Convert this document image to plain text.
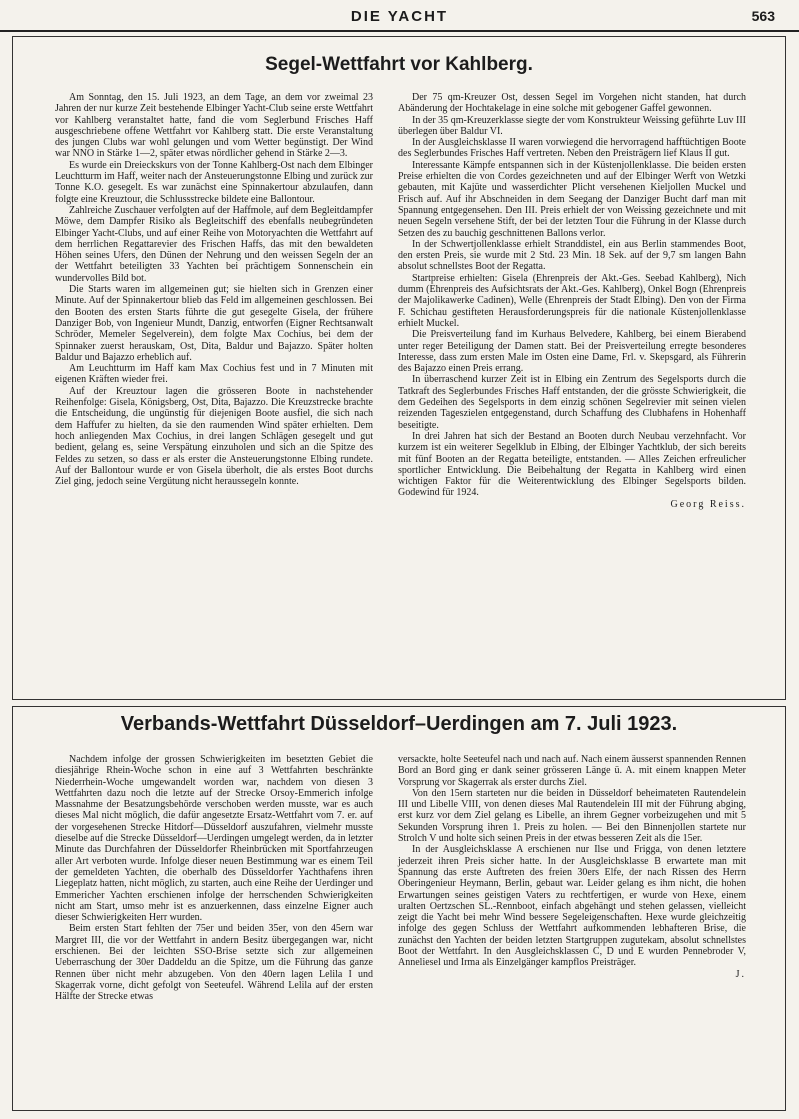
DIE YACHT	563
Segel-Wettfahrt vor Kahlberg.

Am Sonntag, den 15. Juli 1923, an dem Tage, an dem vor zweimal 23 Jahren der nur kurze Zeit bestehende Elbinger Yacht-Club seine erste Wettfahrt vor Kahlberg veranstaltet hatte, fand die vom Seglerbund Frisches Haff ausgeschriebene offene Wettfahrt vor Kahlberg statt. Die erste Veranstaltung des jungen Clubs war wohl gelungen und vom Wetter begünstigt. Der Wind war NNO in Stärke 1—2, später etwas nördlicher gehend in Stärke 2—3.

Es wurde ein Dreieckskurs von der Tonne Kahlberg-Ost nach dem Elbinger Leuchtturm im Haff, weiter nach der Ansteuerungstonne Elbing und zurück zur Tonne K.O. gesegelt. Es war zunächst eine Spinnakertour abzulaufen, dann folgte eine Kreuztour, die Schlussstrecke bildete eine Ballontour.

Zahlreiche Zuschauer verfolgten auf der Haffmole, auf dem Begleitdampfer Möwe, dem Dampfer Risiko als Begleitschiff des ebenfalls neubegründeten Elbinger Yacht-Clubs, und auf einer Reihe von Motoryachten die Wettfahrt auf dem herrlichen Regattarevier des Frischen Haffs, das mit den bewaldeten Höhen seines Ufers, den Dünen der Nehrung und den weissen Segeln der an der Wettfahrt beteiligten 33 Yachten bei prächtigem Sonnenschein ein wundervolles Bild bot.

Die Starts waren im allgemeinen gut; sie hielten sich in Grenzen einer Minute. Auf der Spinnakertour blieb das Feld im allgemeinen geschlossen. Bei den Booten des ersten Starts führte die gut gesegelte Gisela, der frühere Danziger Bob, von Ingenieur Mundt, Danzig, entworfen (Eigner Rechtsanwalt Schröder, Memeler Segelverein), dem folgte Max Cochius, bei dem der Spinnaker zuerst herauskam, Ost, Dita, Baldur und Bajazzo. Später holten Baldur und Bajazzo erheblich auf.

Am Leuchtturm im Haff kam Max Cochius fest und in 7 Minuten mit eigenen Kräften wieder frei.

Auf der Kreuztour lagen die grösseren Boote in nachstehender Reihenfolge: Gisela, Königsberg, Ost, Dita, Bajazzo. Die Kreuzstrecke brachte die Entscheidung, die ungünstig für diejenigen Boote ausfiel, die sich nach dem Haffufer zu hielten, da sie den raumenden Wind später erhielten. Dem hoch anliegenden Max Cochius, in drei langen Schlägen gesegelt und gut bedient, gelang es, seine Verspätung einzuholen und sich an die Spitze des Feldes zu setzen, so dass er als erster die Ansteuerungstonne Elbing rundete. Auf der Ballontour wurde er von Gisela überholt, die als erstes Boot durchs Ziel ging, jedoch seine Vergütung nicht heraussegeln konnte.

Der 75 qm-Kreuzer Ost, dessen Segel im Vorgehen nicht standen, hat durch Abänderung der Hochtakelage in eine solche mit gebogener Gaffel gewonnen.

In der 35 qm-Kreuzerklasse siegte der vom Konstrukteur Weissing geführte Luv III überlegen über Baldur VI.

In der Ausgleichsklasse II waren vorwiegend die hervorragend hafftüchtigen Boote des Seglerbundes Frisches Haff vertreten. Neben den Preisträgern lief Klaus II gut.

Interessante Kämpfe entspannen sich in der Küstenjollenklasse. Die beiden ersten Preise erhielten die von Cordes gezeichneten und auf der Elbinger Werft von Wetzki gebauten, mit Kajüte und wasserdichter Plicht versehenen Kieljollen Muckel und Frisch auf. Auf ihr Abschneiden in dem Seegang der Danziger Bucht darf man mit Spannung entgegensehen. Den III. Preis erhielt der von Weissing gezeichnete und mit neuen Segeln versehene Stift, der bei der letzten Tour die Führung in der Klasse durch Setzen des zu bauchig geschnittenen Ballons verlor.

In der Schwertjollenklasse erhielt Stranddistel, ein aus Berlin stammendes Boot, den ersten Preis, sie wurde mit 2 Std. 23 Min. 18 Sek. auf der 9,7 sm langen Bahn absolut schnellstes Boot der Regatta.

Startpreise erhielten: Gisela (Ehrenpreis der Akt.-Ges. Seebad Kahlberg), Nich dumm (Ehrenpreis des Aufsichtsrats der Akt.-Ges. Kahlberg), Onkel Bogn (Ehrenpreis der Majolikawerke Cadinen), Welle (Ehrenpreis der Stadt Elbing). Den von der Firma F. Schichau gestifteten Herausforderungspreis für die nationale Küstenjollenklasse erhielt Muckel.

Die Preisverteilung fand im Kurhaus Belvedere, Kahlberg, bei einem Bierabend unter reger Beteiligung der Damen statt. Bei der Preisverteilung erregte besonderes Interesse, dass zum ersten Male im Osten eine Dame, Frl. v. Skepsgard, als Führerin des Bajazzo einen Preis errang.

In überraschend kurzer Zeit ist in Elbing ein Zentrum des Segelsports durch die Tatkraft des Seglerbundes Frisches Haff entstanden, der die grösste Schwierigkeit, die dem Gedeihen des Segelsports in dem einzig schönen Segelrevier mit seinen vielen reizenden Tageszielen entgegenstand, durch Schaffung des Clubhafens in Hohenhaff beseitigte.

In drei Jahren hat sich der Bestand an Booten durch Neubau verzehnfacht. Vor kurzem ist ein weiterer Segelklub in Elbing, der Elbinger Yachtklub, der sich bereits mit fünf Booten an der Regatta beteiligte, entstanden. — Alles Zeichen erfreulicher sportlicher Entwicklung. Die Beibehaltung der Regatta in Kahlberg wird einen wichtigen Faktor für die Weiterentwicklung des Elbinger Segelsports bilden. Godewind für 1924.

Georg Reiss.
Verbands-Wettfahrt Düsseldorf–Uerdingen am 7. Juli 1923.

Nachdem infolge der grossen Schwierigkeiten im besetzten Gebiet die diesjährige Rhein-Woche schon in eine auf 3 Wettfahrten beschränkte Niederrhein-Woche umgewandelt worden war, nachdem von diesen 3 Wettfahrten dazu noch die letzte auf der Strecke Orsoy-Emmerich infolge Massnahme der Besatzungsbehörde verschoben werden musste, war es auch dieses Mal nicht möglich, die dafür angesetzte Ersatz-Wettfahrt vom 7. er. auf der vorgesehenen Strecke Hitdorf—Düsseldorf auszufahren, vielmehr musste dieselbe auf die Strecke Düsseldorf—Uerdingen umgelegt werden, da in letzter Minute das Durchfahren der Düsseldorfer Rheinbrücken mit Sportfahrzeugen aller Art verboten wurde. Infolge dieser neuen Bestimmung war es einem Teil der gemeldeten Yachten, die oberhalb des Düsseldorfer Yachthafens ihren Liegeplatz hatten, nicht möglich, zu starten, auch eine Reihe der Uerdinger und Emmericher Yachten erschienen infolge der herrschenden Schwierigkeiten nicht am Start, umso mehr ist es anzuerkennen, dass einzelne Eigner auch dieser Schwierigkeiten Herr wurden.

Beim ersten Start fehlten der 75er und beiden 35er, von den 45ern war Margret III, die vor der Wettfahrt in andern Besitz übergegangen war, nicht erschienen. Bei der leichten SSO-Brise setzte sich zur allgemeinen Ueberraschung der 30er Daddeldu an die Spitze, um die Führung das ganze Rennen über nicht mehr abzugeben. Von den 40ern lagen Lelila I und Skagerrak vorne, dicht gefolgt von Seeteufel. Während Lelila auf der ersten Hälfte der Strecke etwas

versackte, holte Seeteufel nach und nach auf. Nach einem äusserst spannenden Rennen Bord an Bord ging er dank seiner grösseren Länge ü. A. mit einem knappen Meter Vorsprung vor Skagerrak als erster durchs Ziel.

Von den 15ern starteten nur die beiden in Düsseldorf beheimateten Rautendelein III und Libelle VIII, von denen dieses Mal Rautendelein III mit der Führung abging, erst kurz vor dem Ziel gelang es Libelle, an ihrem Gegner vorbeizugehen und mit 5 Sekunden Vorsprung ihren 1. Preis zu holen. — Bei den Binnenjollen startete nur Strolch V und holte sich seinen Preis in der etwas besseren Zeit als die 15er.

In der Ausgleichsklasse A erschienen nur Ilse und Frigga, von denen letztere jederzeit ihren Preis sicher hatte. In der Ausgleichsklasse B erwartete man mit Spannung das erste Auftreten des freien 30ers Elfe, der nach Rissen des Herrn Oberingenieur Heymann, Berlin, gebaut war. Leider gelang es ihm nicht, die hohen Erwartungen seines geistigen Vaters zu rechtfertigen, er wurde von Hexe, einem uralten Oertzschen SL.-Rennboot, einfach abgehängt und stehen gelassen, vielleicht zeigt die Yacht bei mehr Wind bessere Segeleigenschaften. Hexe wurde gleichzeitig infolge des gegen Schluss der Wettfahrt aufkommenden lebhafteren Brise, die zunächst den Yachten der beiden letzten Startgruppen zugutekam, absolut schnellstes Boot der Wettfahrt. In den Ausgleichsklassen C, D und E wurden Pennebroder V, Anneliesel und Irma als Einzelgänger kampflos Preisträger.

J.
